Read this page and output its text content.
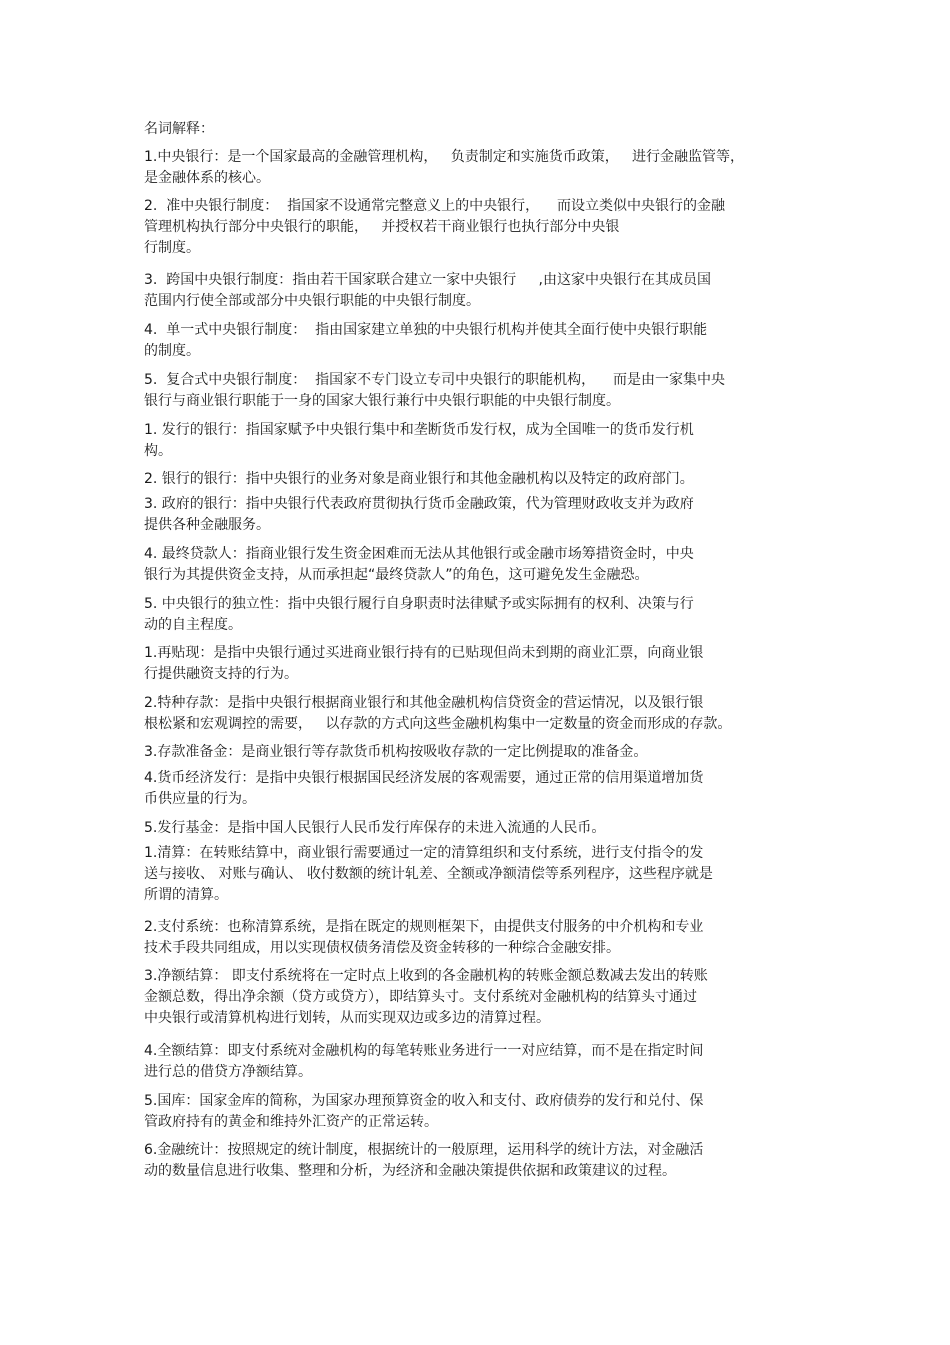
名词解释：
1.中央银行：是一个国家最高的金融管理机构，   负责制定和实施货币政策，   进行金融监管等，
是金融体系的核心。
2.  准中央银行制度：  指国家不设通常完整意义上的中央银行，    而设立类似中央银行的金融
管理机构执行部分中央银行的职能，   并授权若干商业银行也执行部分中央银
行制度。
3.  跨国中央银行制度：指由若干国家联合建立一家中央银行     ,由这家中央银行在其成员国
范围内行使全部或部分中央银行职能的中央银行制度。
4.  单一式中央银行制度：  指由国家建立单独的中央银行机构并使其全面行使中央银行职能
的制度。
5.  复合式中央银行制度：  指国家不专门设立专司中央银行的职能机构，    而是由一家集中央
银行与商业银行职能于一身的国家大银行兼行中央银行职能的中央银行制度。
1. 发行的银行：指国家赋予中央银行集中和垄断货币发行权，成为全国唯一的货币发行机
构。
2. 银行的银行：指中央银行的业务对象是商业银行和其他金融机构以及特定的政府部门。
3. 政府的银行：指中央银行代表政府贯彻执行货币金融政策，代为管理财政收支并为政府
提供各种金融服务。
4. 最终贷款人：指商业银行发生资金困难而无法从其他银行或金融市场筹措资金时，中央
银行为其提供资金支持，从而承担起“最终贷款人”的角色，这可避免发生金融恐。
5. 中央银行的独立性：指中央银行履行自身职责时法律赋予或实际拥有的权利、决策与行
动的自主程度。
1.再贴现：是指中央银行通过买进商业银行持有的已贴现但尚未到期的商业汇票，向商业银
行提供融资支持的行为。
2.特种存款：是指中央银行根据商业银行和其他金融机构信贷资金的营运情况，以及银行银
根松紧和宏观调控的需要，   以存款的方式向这些金融机构集中一定数量的资金而形成的存款。
3.存款准备金：是商业银行等存款货币机构按吸收存款的一定比例提取的准备金。
4.货币经济发行：是指中央银行根据国民经济发展的客观需要，通过正常的信用渠道增加货
币供应量的行为。
5.发行基金：是指中国人民银行人民币发行库保存的未进入流通的人民币。
1.清算：在转账结算中，商业银行需要通过一定的清算组织和支付系统，进行支付指令的发
送与接收、 对账与确认、 收付数额的统计轧差、全额或净额清偿等系列程序，这些程序就是
所谓的清算。
2.支付系统：也称清算系统，是指在既定的规则框架下，由提供支付服务的中介机构和专业
技术手段共同组成，用以实现债权债务清偿及资金转移的一种综合金融安排。
3.净额结算： 即支付系统将在一定时点上收到的各金融机构的转账金额总数减去发出的转账
金额总数，得出净余额（贷方或贷方），即结算头寸。支付系统对金融机构的结算头寸通过
中央银行或清算机构进行划转，从而实现双边或多边的清算过程。
4.全额结算：即支付系统对金融机构的每笔转账业务进行一一对应结算，而不是在指定时间
进行总的借贷方净额结算。
5.国库：国家金库的简称，为国家办理预算资金的收入和支付、政府债券的发行和兑付、保
管政府持有的黄金和维持外汇资产的正常运转。
6.金融统计：按照规定的统计制度，根据统计的一般原理，运用科学的统计方法，对金融活
动的数量信息进行收集、整理和分析，为经济和金融决策提供依据和政策建议的过程。
